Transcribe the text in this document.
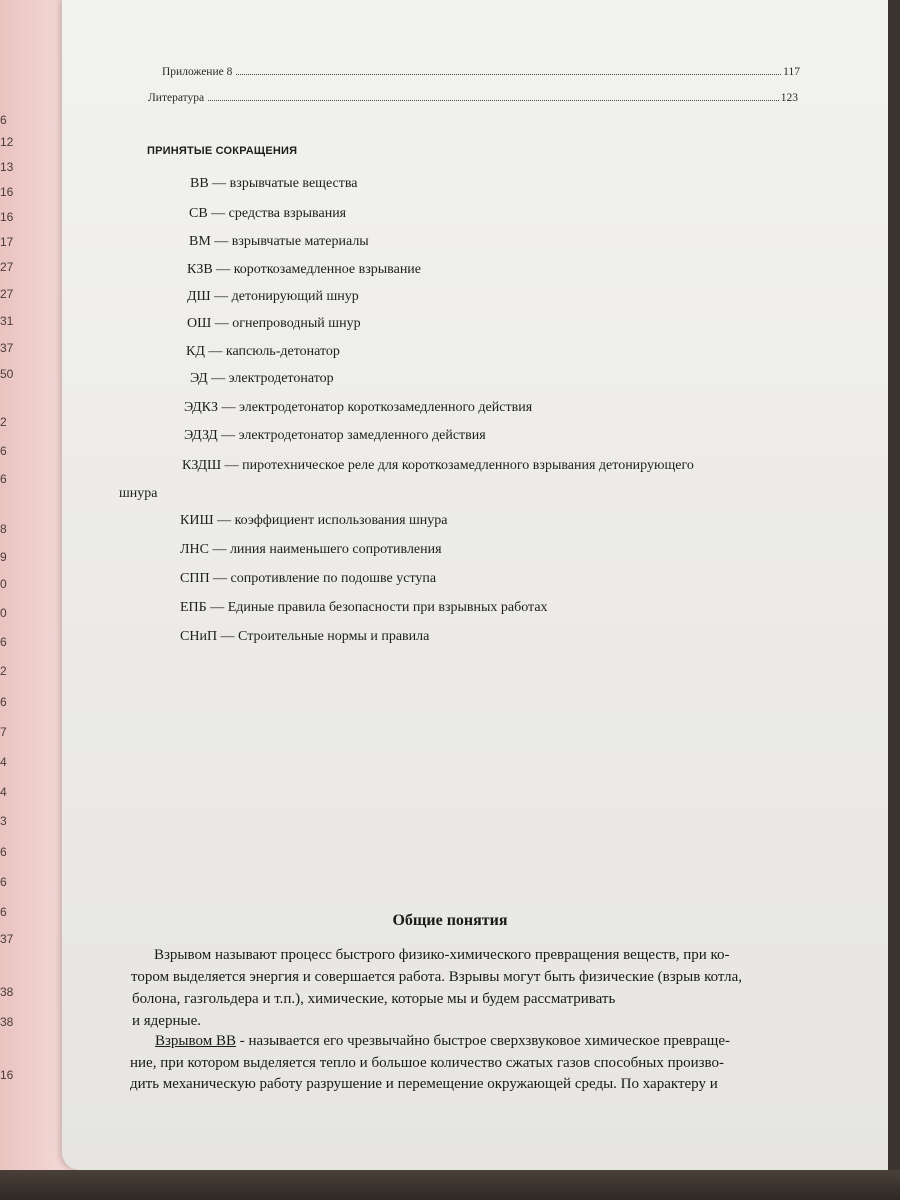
6
12
13
16
16
17
27
27
31
37
50
2
6
6
8
9
0
0
6
2
6
7
4
4
3
6
6
6
37
38
38
16
Приложение 8	117
Литература	123
ПРИНЯТЫЕ СОКРАЩЕНИЯ
ВВ — взрывчатые вещества
СВ — средства взрывания
ВМ — взрывчатые материалы
КЗВ — короткозамедленное взрывание
ДШ — детонирующий шнур
ОШ — огнепроводный шнур
КД — капсюль-детонатор
ЭД — электродетонатор
ЭДКЗ — электродетонатор короткозамедленного действия
ЭДЗД — электродетонатор замедленного действия
КЗДШ — пиротехническое реле для короткозамедленного взрывания детонирующего
шнура
КИШ — коэффициент использования шнура
ЛНС — линия наименьшего сопротивления
СПП — сопротивление по подошве уступа
ЕПБ — Единые правила безопасности при взрывных работах
СНиП — Строительные нормы и правила
Общие понятия
Взрывом называют процесс быстрого физико-химического превращения веществ, при ко-
тором выделяется энергия и совершается работа. Взрывы могут быть физические (взрыв котла,
болона, газгольдера и т.п.), химические, которые мы и будем рассматривать
и ядерные.
Взрывом ВВ - называется его чрезвычайно быстрое сверхзвуковое химическое превраще-
ние, при котором выделяется тепло и большое количество сжатых газов способных произво-
дить механическую работу разрушение и перемещение окружающей среды. По характеру и
